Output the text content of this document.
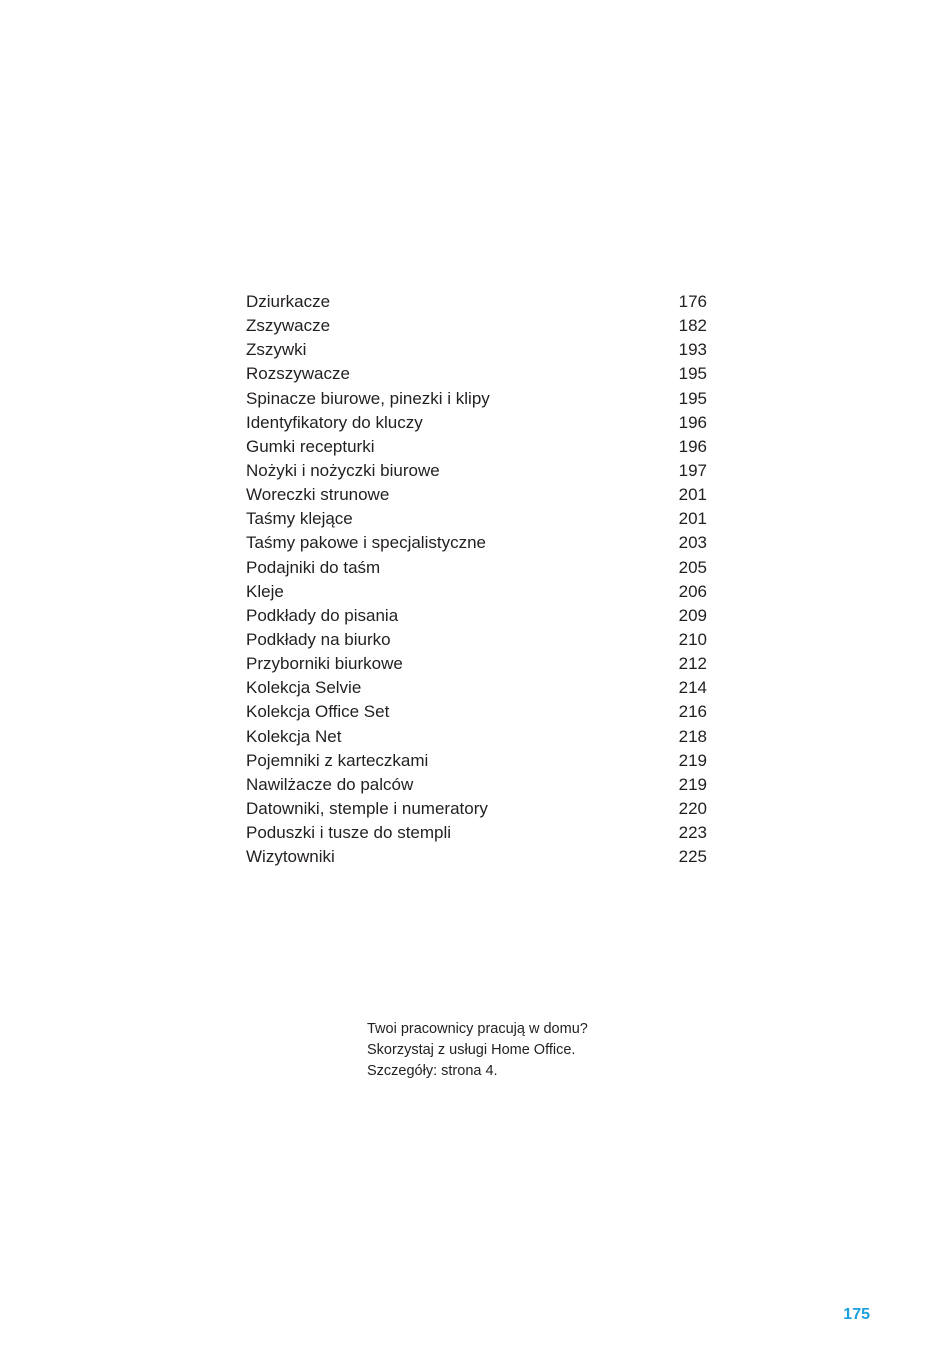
Dziurkacze	176
Zszywacze	182
Zszywki	193
Rozszywacze	195
Spinacze biurowe, pinezki i klipy	195
Identyfikatory do kluczy	196
Gumki recepturki	196
Nożyki i nożyczki biurowe	197
Woreczki strunowe	201
Taśmy klejące	201
Taśmy pakowe i specjalistyczne	203
Podajniki do taśm	205
Kleje	206
Podkłady do pisania	209
Podkłady na biurko	210
Przyborniki biurkowe	212
Kolekcja Selvie	214
Kolekcja Office Set	216
Kolekcja Net	218
Pojemniki z karteczkami	219
Nawilżacze do palców	219
Datowniki, stemple i numeratory	220
Poduszki i tusze do stempli	223
Wizytowniki	225
Twoi pracownicy pracują w domu?
Skorzystaj z usługi Home Office.
Szczegóły: strona 4.
175
